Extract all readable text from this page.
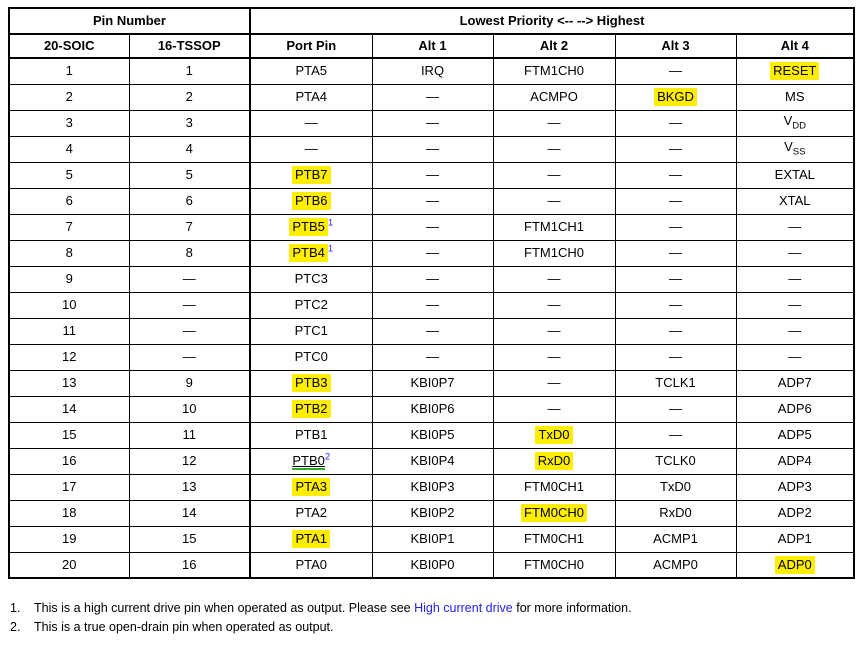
Pin Number		Lowest Priority <-- --> Highest				
20-SOIC	16-TSSOP	Port Pin	Alt 1	Alt 2	Alt 3	Alt 4
1	1	PTA5	IRQ	FTM1CH0	—	RESET
2	2	PTA4	—	ACMPO	BKGD	MS
3	3	—	—	—	—	$V_{DD}$
4	4	—	—	—	—	$V_{SS}$
5	5	PTB7	—	—	—	EXTAL
6	6	PTB6	—	—	—	XTAL
7	7	PTB5 $^1$	—	FTM1CH1	—	—
8	8	PTB4 $^1$	—	FTM1CH0	—	—
9	—	PTC3	—	—	—	—
10	—	PTC2	—	—	—	—
11	—	PTC1	—	—	—	—
12	—	PTC0	—	—	—	—
13	9	PTB3	KBI0P7	—	TCLK1	ADP7
14	10	PTB2	KBI0P6	—	—	ADP6
15	11	PTB1	KBI0P5	TxD0	—	ADP5
16	12	PTB0$^2$	KBI0P4	RxD0	TCLK0	ADP4
17	13	PTA3	KBI0P3	FTM0CH1	TxD0	ADP3
18	14	PTA2	KBI0P2	FTM0CH0	RxD0	ADP2
19	15	PTA1	KBI0P1	FTM0CH1	ACMP1	ADP1
20	16	PTA0	KBI0P0	FTM0CH0	ACMP0	ADP0
1.	This is a high current drive pin when operated as output. Please see High current drive for more information.
2.	This is a true open-drain pin when operated as output.
